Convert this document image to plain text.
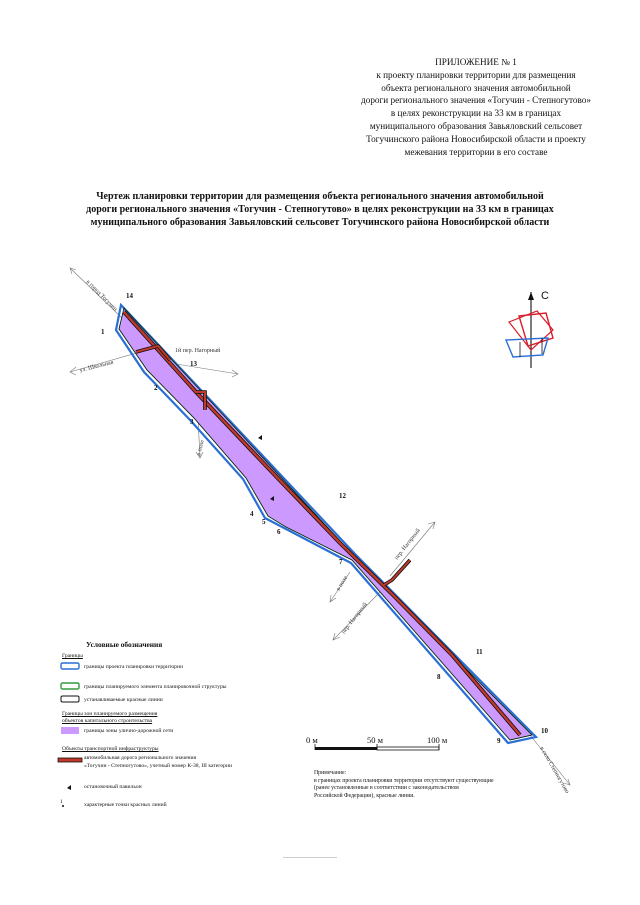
ПРИЛОЖЕНИЕ № 1
к проекту планировки территории для размещения
объекта регионального значения автомобильной
дороги регионального значения «Тогучин - Степногутово»
в целях реконструкции на 33 км в границах
муниципального образования Завьяловский сельсовет
Тогучинского района Новосибирской области и проекту
межевания территории в его составе
Чертеж планировки территории для размещения объекта регионального значения автомобильной
дороги регионального значения «Тогучин - Степногутово» в целях реконструкции на 33 км в границах
муниципального образования Завьяловский сельсовет Тогучинского района Новосибирской области
1
2
3
4
5
6
7
8
9
10
11
12
13
14
в город Тогучин
ул. Школьная
1й пер. Нагорный
в поле
пер. Нагорный
в поле
пер. Нагорный
в село Степногутово
С
0 м	50 м	100 м
Условные обозначения
Границы
границы проекта планировки территории
границы планируемого элемента планировочной структуры
устанавливаемые красные линии
Границы зон планируемого размещения
объектов капитального строительства
границы зоны улично-дорожной сети
Объекты транспортной инфраструктуры
автомобильная дорога регионального значения
«Тогучин - Степногутово», учетный номер К-38, III категории
остановочный павильон
1	характерные точки красных линий
Примечание:
в границах проекта планировки территории отсутствуют существующие
(ранее установленные в соответствии с законодательством
Российской Федерации), красные линии.
